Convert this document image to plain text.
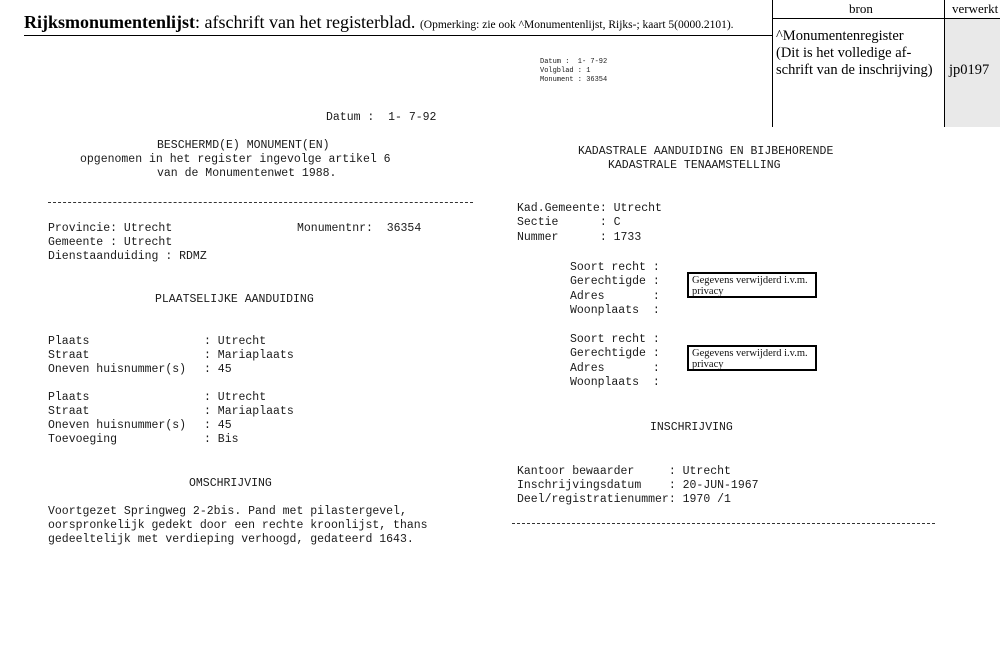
Rijksmonumentenlijst: afschrift van het registerblad. (Opmerking: zie ook ^Monumentenlijst, Rijks-; kaart 5(0000.2101).
bron	verwerkt
^Monumentenregister
(Dit is het volledige af-
schrift van de inschrijving) jp0197
Datum :  1- 7-92
Volgblad : 1
Monument : 36354
Datum :  1- 7-92
BESCHERMD(E) MONUMENT(EN)
opgenomen in het register ingevolge artikel 6
van de Monumentenwet 1988.
Provincie: Utrecht	Monumentnr:  36354
Gemeente : Utrecht
Dienstaanduiding : RDMZ
PLAATSELIJKE AANDUIDING
Plaats	: Utrecht
Straat	: Mariaplaats
Oneven huisnummer(s) : 45
Plaats	: Utrecht
Straat	: Mariaplaats
Oneven huisnummer(s) : 45
Toevoeging	: Bis
OMSCHRIJVING
Voortgezet Springweg 2-2bis. Pand met pilastergevel,
oorspronkelijk gedekt door een rechte kroonlijst, thans
gedeeltelijk met verdieping verhoogd, gedateerd 1643.
KADASTRALE AANDUIDING EN BIJBEHORENDE
KADASTRALE TENAAMSTELLING
Kad.Gemeente: Utrecht
Sectie      : C
Nummer      : 1733
Soort recht :
Gerechtigde :
Adres       :
Woonplaats  :
Gegevens verwijderd i.v.m. privacy
Soort recht :
Gerechtigde :
Adres       :
Woonplaats  :
Gegevens verwijderd i.v.m. privacy
INSCHRIJVING
Kantoor bewaarder     : Utrecht
Inschrijvingsdatum    : 20-JUN-1967
Deel/registratienummer: 1970 /1
